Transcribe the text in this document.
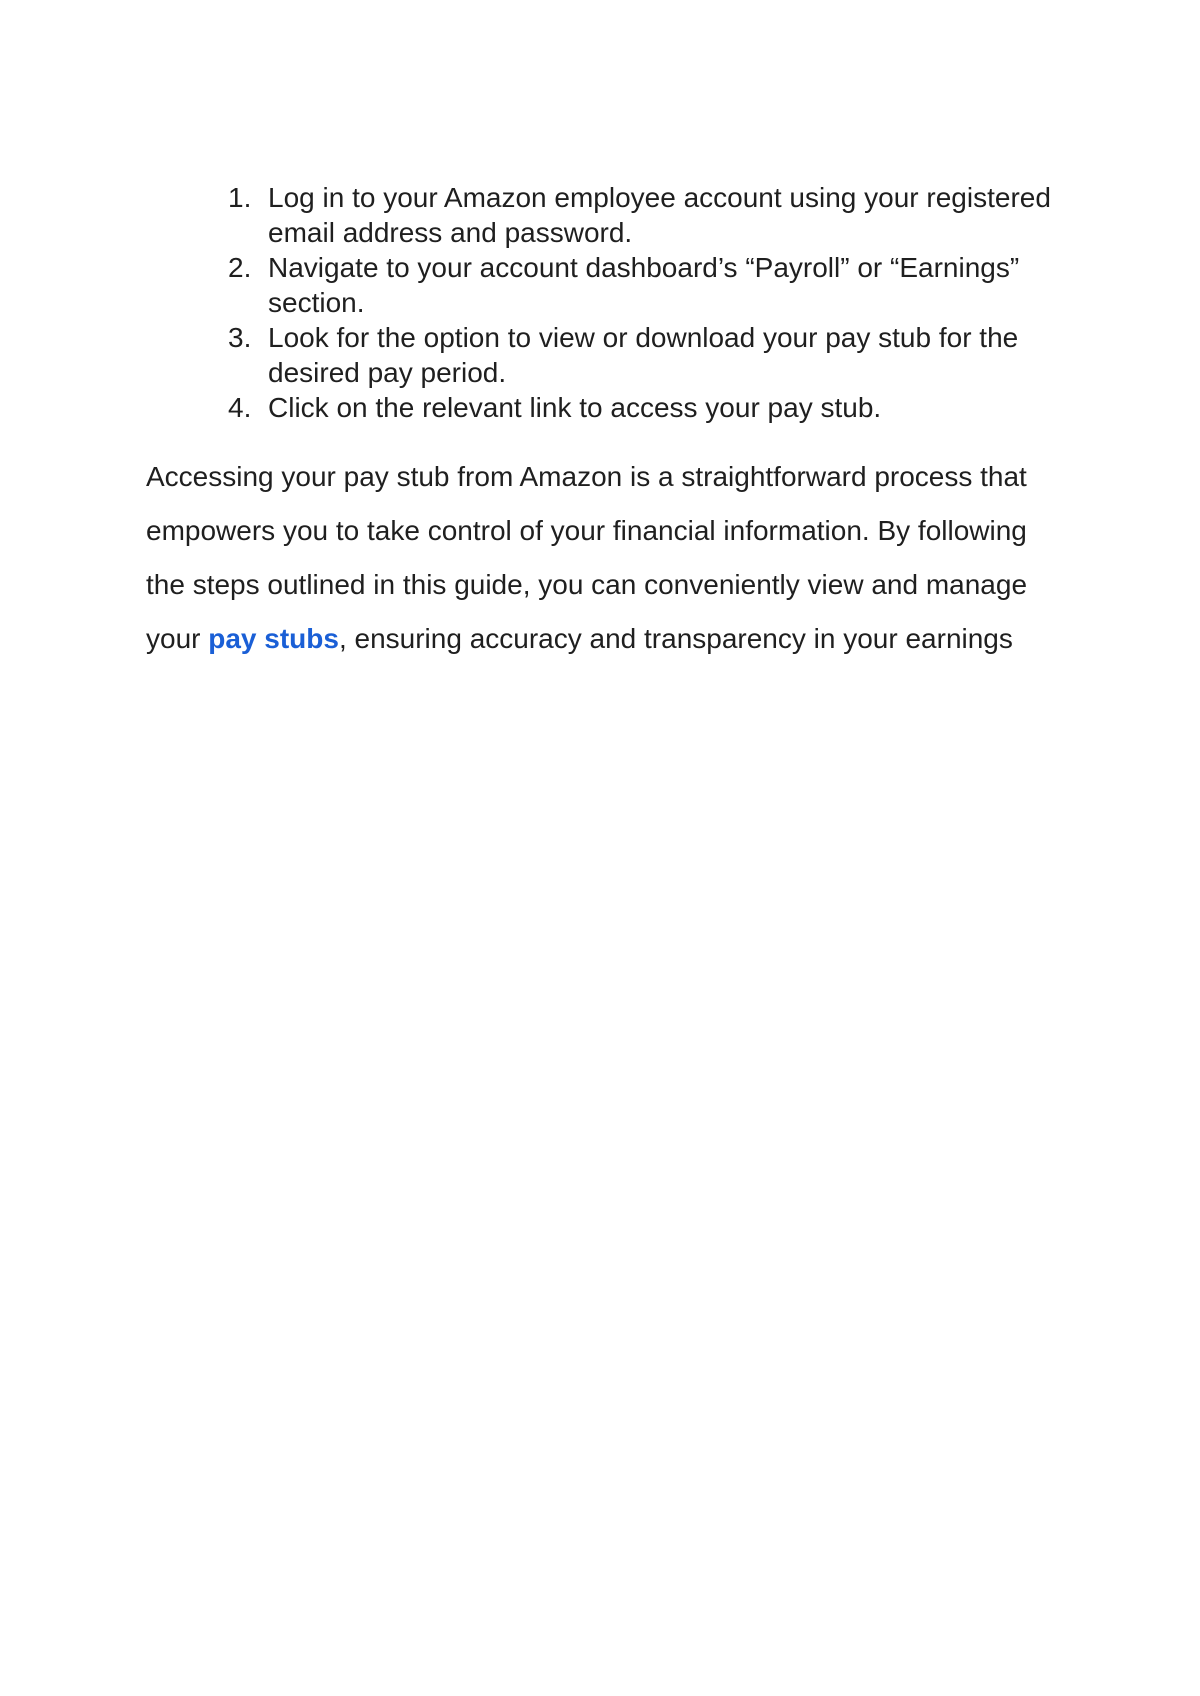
1. Log in to your Amazon employee account using your registered email address and password.
2. Navigate to your account dashboard’s “Payroll” or “Earnings” section.
3. Look for the option to view or download your pay stub for the desired pay period.
4. Click on the relevant link to access your pay stub.

Accessing your pay stub from Amazon is a straightforward process that empowers you to take control of your financial information. By following the steps outlined in this guide, you can conveniently view and manage your pay stubs, ensuring accuracy and transparency in your earnings
